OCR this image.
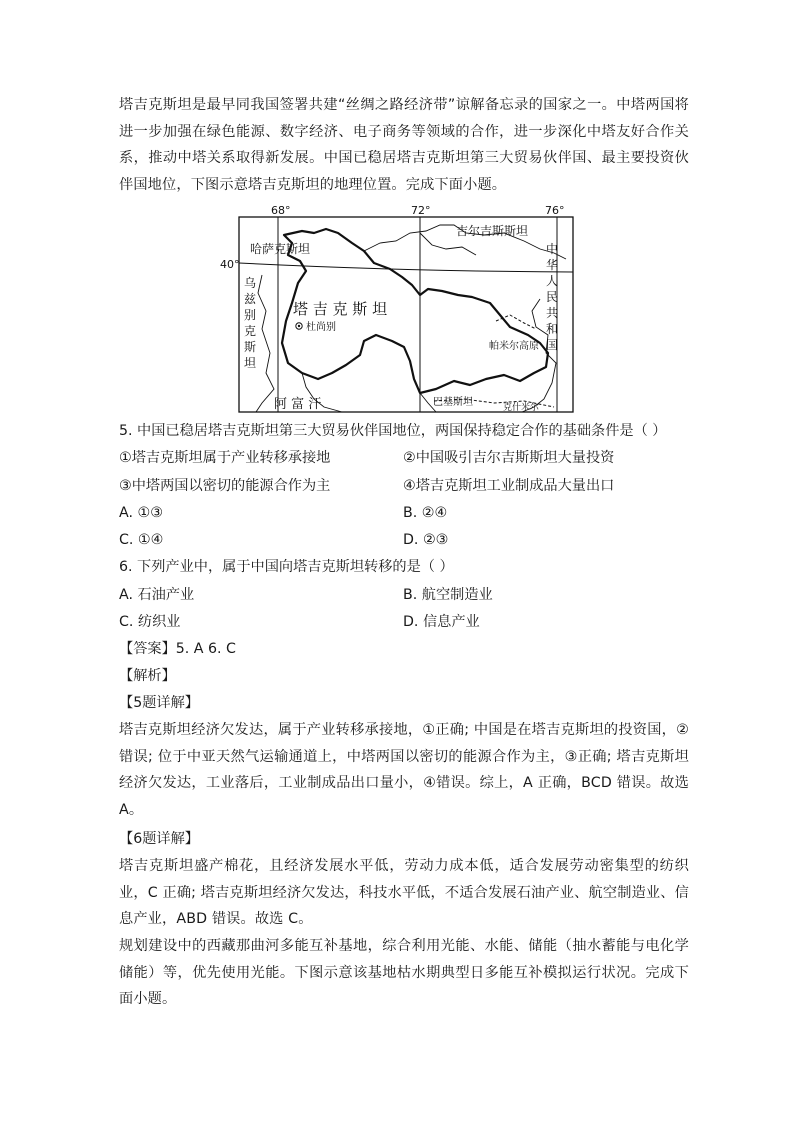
塔吉克斯坦是最早同我国签署共建“丝绸之路经济带”谅解备忘录的国家之一。中塔两国将进一步加强在绿色能源、数字经济、电子商务等领域的合作，进一步深化中塔友好合作关系，推动中塔关系取得新发展。中国已稳居塔吉克斯坦第三大贸易伙伴国、最主要投资伙伴国地位，下图示意塔吉克斯坦的地理位置。完成下面小题。

68°	72°	76°
40°
哈萨克斯坦
吉尔吉斯斯坦
乌
兹
别
克
斯
坦
塔 吉 克 斯 坦
杜尚别
中
华
人
民
共
和
国
帕米尔高原
阿 富 汗	巴基斯坦	克什米尔
5. 中国已稳居塔吉克斯坦第三大贸易伙伴国地位，两国保持稳定合作的基础条件是（ ）
①塔吉克斯坦属于产业转移承接地	②中国吸引吉尔吉斯斯坦大量投资
③中塔两国以密切的能源合作为主	④塔吉克斯坦工业制成品大量出口
A. ①③	B. ②④
C. ①④	D. ②③
6. 下列产业中，属于中国向塔吉克斯坦转移的是（ ）
A. 石油产业	B. 航空制造业
C. 纺织业	D. 信息产业
【答案】5. A 6. C
【解析】
【5题详解】

塔吉克斯坦经济欠发达，属于产业转移承接地，①正确; 中国是在塔吉克斯坦的投资国，②错误; 位于中亚天然气运输通道上，中塔两国以密切的能源合作为主，③正确; 塔吉克斯坦经济欠发达，工业落后，工业制成品出口量小，④错误。综上，A 正确，BCD 错误。故选A。

【6题详解】

塔吉克斯坦盛产棉花，且经济发展水平低，劳动力成本低，适合发展劳动密集型的纺织业，C 正确; 塔吉克斯坦经济欠发达，科技水平低，不适合发展石油产业、航空制造业、信息产业，ABD 错误。故选 C。

规划建设中的西藏那曲河多能互补基地，综合利用光能、水能、储能（抽水蓄能与电化学储能）等，优先使用光能。下图示意该基地枯水期典型日多能互补模拟运行状况。完成下面小题。
